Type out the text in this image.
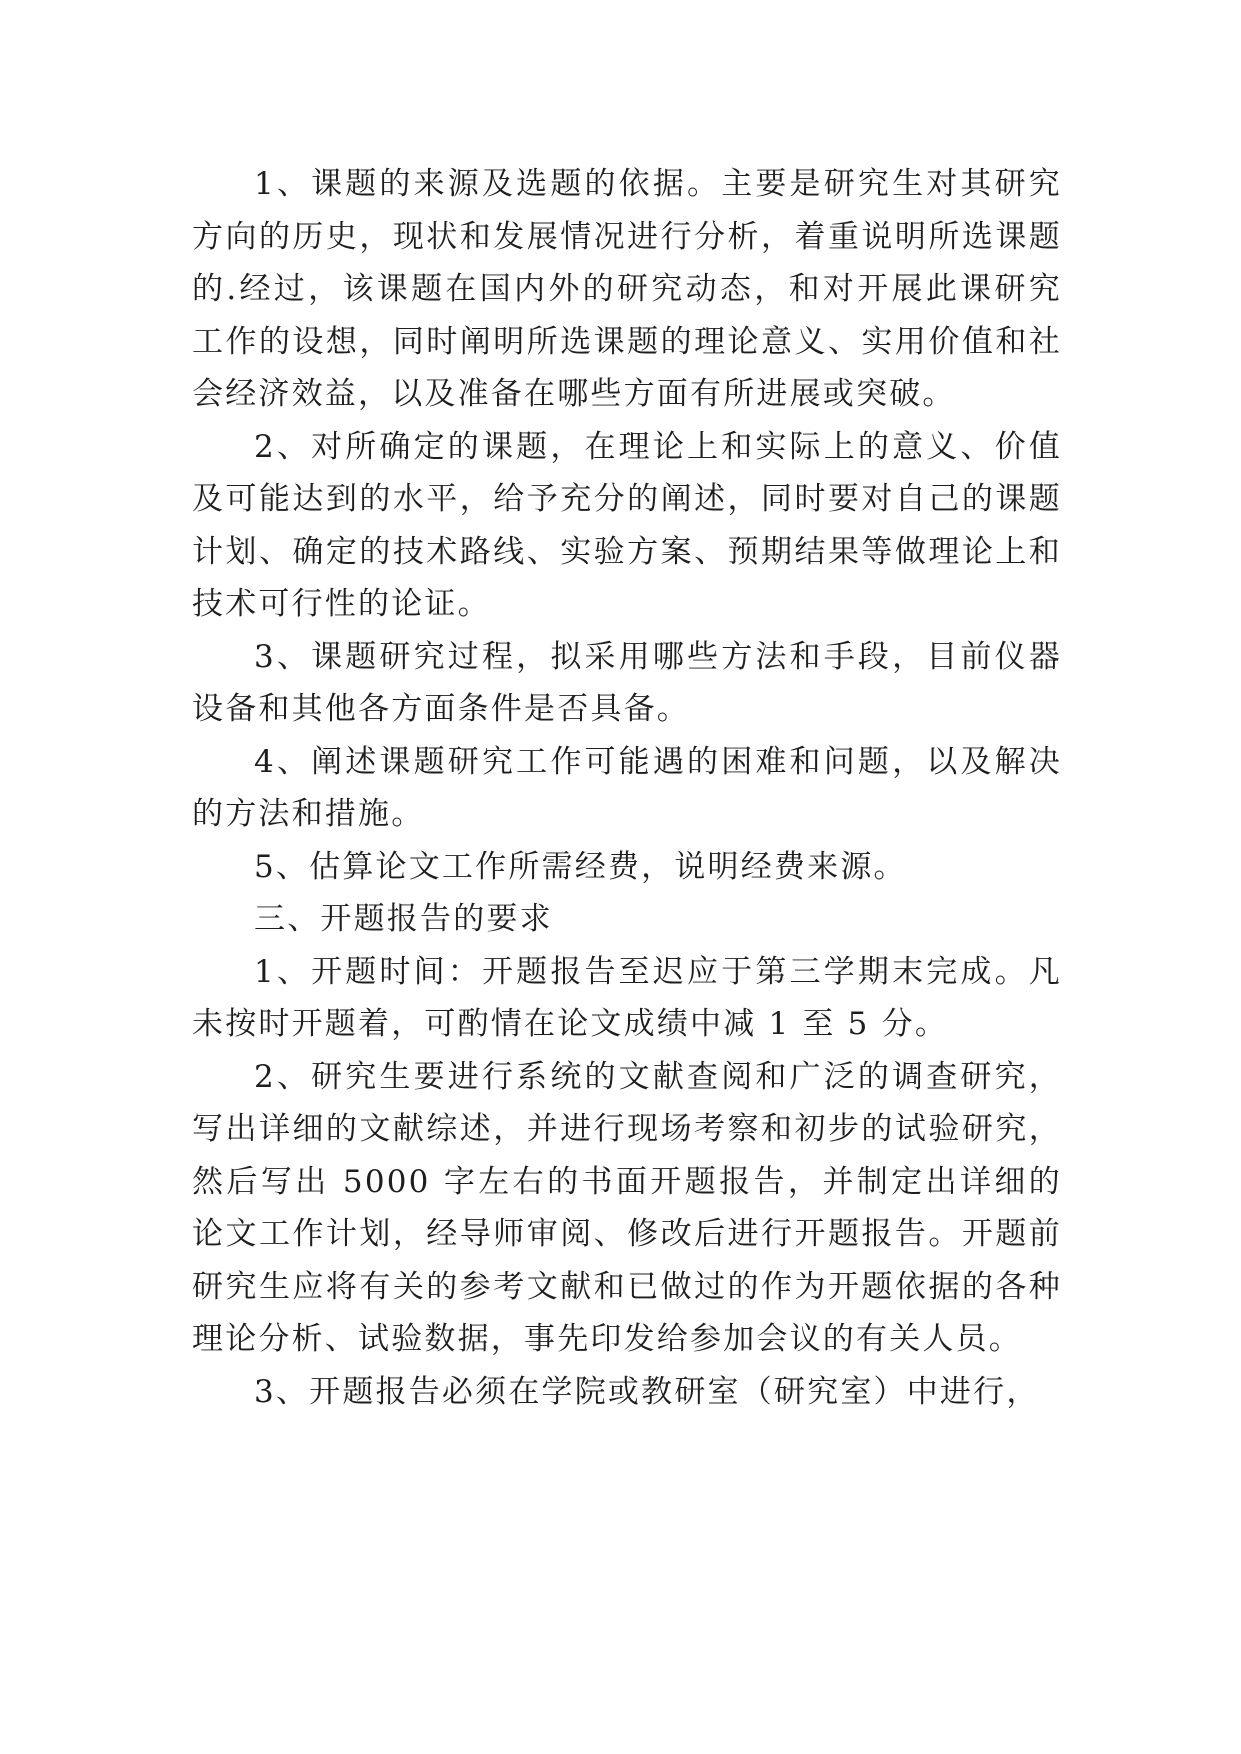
1、课题的来源及选题的依据。主要是研究生对其研究方向的历史，现状和发展情况进行分析，着重说明所选课题的.经过，该课题在国内外的研究动态，和对开展此课研究工作的设想，同时阐明所选课题的理论意义、实用价值和社会经济效益，以及准备在哪些方面有所进展或突破。

2、对所确定的课题，在理论上和实际上的意义、价值及可能达到的水平，给予充分的阐述，同时要对自己的课题计划、确定的技术路线、实验方案、预期结果等做理论上和技术可行性的论证。

3、课题研究过程，拟采用哪些方法和手段，目前仪器设备和其他各方面条件是否具备。

4、阐述课题研究工作可能遇的困难和问题，以及解决的方法和措施。

5、估算论文工作所需经费，说明经费来源。

三、开题报告的要求

1、开题时间：开题报告至迟应于第三学期末完成。凡未按时开题着，可酌情在论文成绩中减 1 至 5 分。

2、研究生要进行系统的文献查阅和广泛的调查研究，写出详细的文献综述，并进行现场考察和初步的试验研究，然后写出 5000 字左右的书面开题报告，并制定出详细的论文工作计划，经导师审阅、修改后进行开题报告。开题前研究生应将有关的参考文献和已做过的作为开题依据的各种理论分析、试验数据，事先印发给参加会议的有关人员。

3、开题报告必须在学院或教研室（研究室）中进行，
